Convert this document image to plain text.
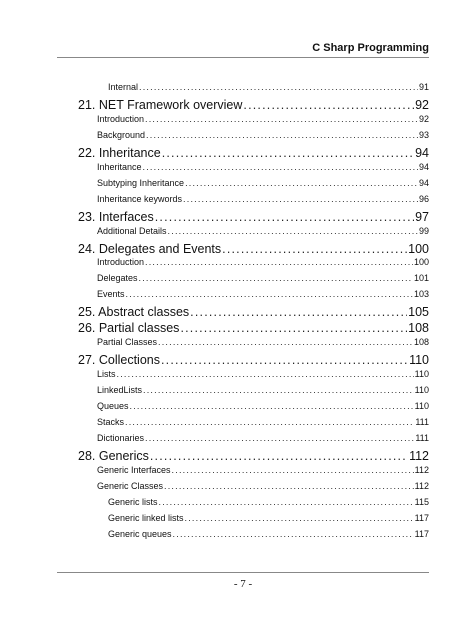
C Sharp Programming
Internal .....	91
21. NET Framework overview .....	92
Introduction .....	92
Background .....	93
22. Inheritance .....	94
Inheritance .....	94
Subtyping Inheritance .....	94
Inheritance keywords .....	96
23. Interfaces .....	97
Additional Details .....	99
24. Delegates and Events .....	100
Introduction .....	100
Delegates .....	101
Events .....	103
25. Abstract classes .....	105
26. Partial classes .....	108
Partial Classes .....	108
27. Collections .....	110
Lists .....	110
LinkedLists .....	110
Queues .....	110
Stacks .....	111
Dictionaries .....	111
28. Generics .....	112
Generic Interfaces .....	112
Generic Classes .....	112
Generic lists .....	115
Generic linked lists .....	117
Generic queues .....	117
- 7 -
